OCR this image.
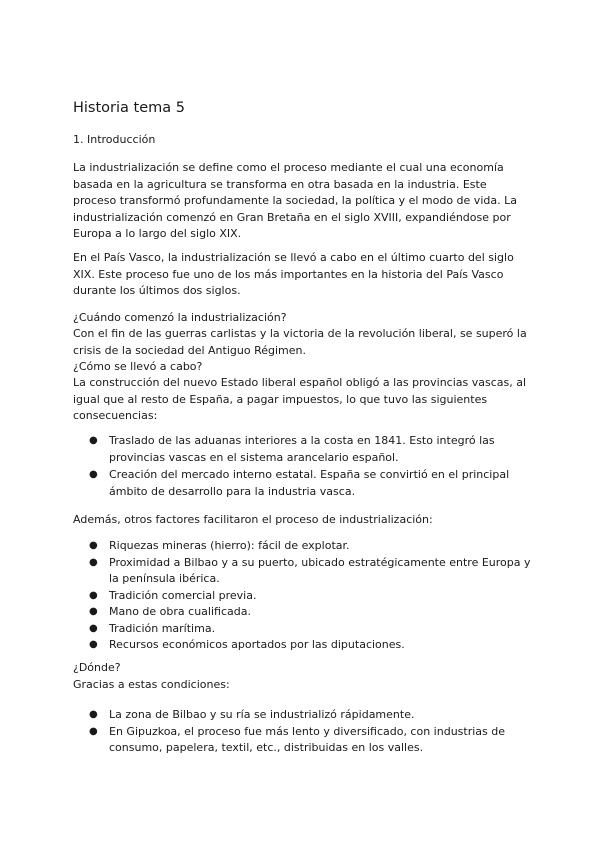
Historia tema 5
1. Introducción

La industrialización se define como el proceso mediante el cual una economía basada en la agricultura se transforma en otra basada en la industria. Este proceso transformó profundamente la sociedad, la política y el modo de vida. La industrialización comenzó en Gran Bretaña en el siglo XVIII, expandiéndose por Europa a lo largo del siglo XIX.

En el País Vasco, la industrialización se llevó a cabo en el último cuarto del siglo XIX. Este proceso fue uno de los más importantes en la historia del País Vasco durante los últimos dos siglos.

¿Cuándo comenzó la industrialización?

Con el fin de las guerras carlistas y la victoria de la revolución liberal, se superó la crisis de la sociedad del Antiguo Régimen.

¿Cómo se llevó a cabo?

La construcción del nuevo Estado liberal español obligó a las provincias vascas, al igual que al resto de España, a pagar impuestos, lo que tuvo las siguientes consecuencias:

● Traslado de las aduanas interiores a la costa en 1841. Esto integró las provincias vascas en el sistema arancelario español.
● Creación del mercado interno estatal. España se convirtió en el principal ámbito de desarrollo para la industria vasca.

Además, otros factores facilitaron el proceso de industrialización:

● Riquezas mineras (hierro): fácil de explotar.
● Proximidad a Bilbao y a su puerto, ubicado estratégicamente entre Europa y la península ibérica.
● Tradición comercial previa.
● Mano de obra cualificada.
● Tradición marítima.
● Recursos económicos aportados por las diputaciones.

¿Dónde?

Gracias a estas condiciones:

● La zona de Bilbao y su ría se industrializó rápidamente.
● En Gipuzkoa, el proceso fue más lento y diversificado, con industrias de consumo, papelera, textil, etc., distribuidas en los valles.
